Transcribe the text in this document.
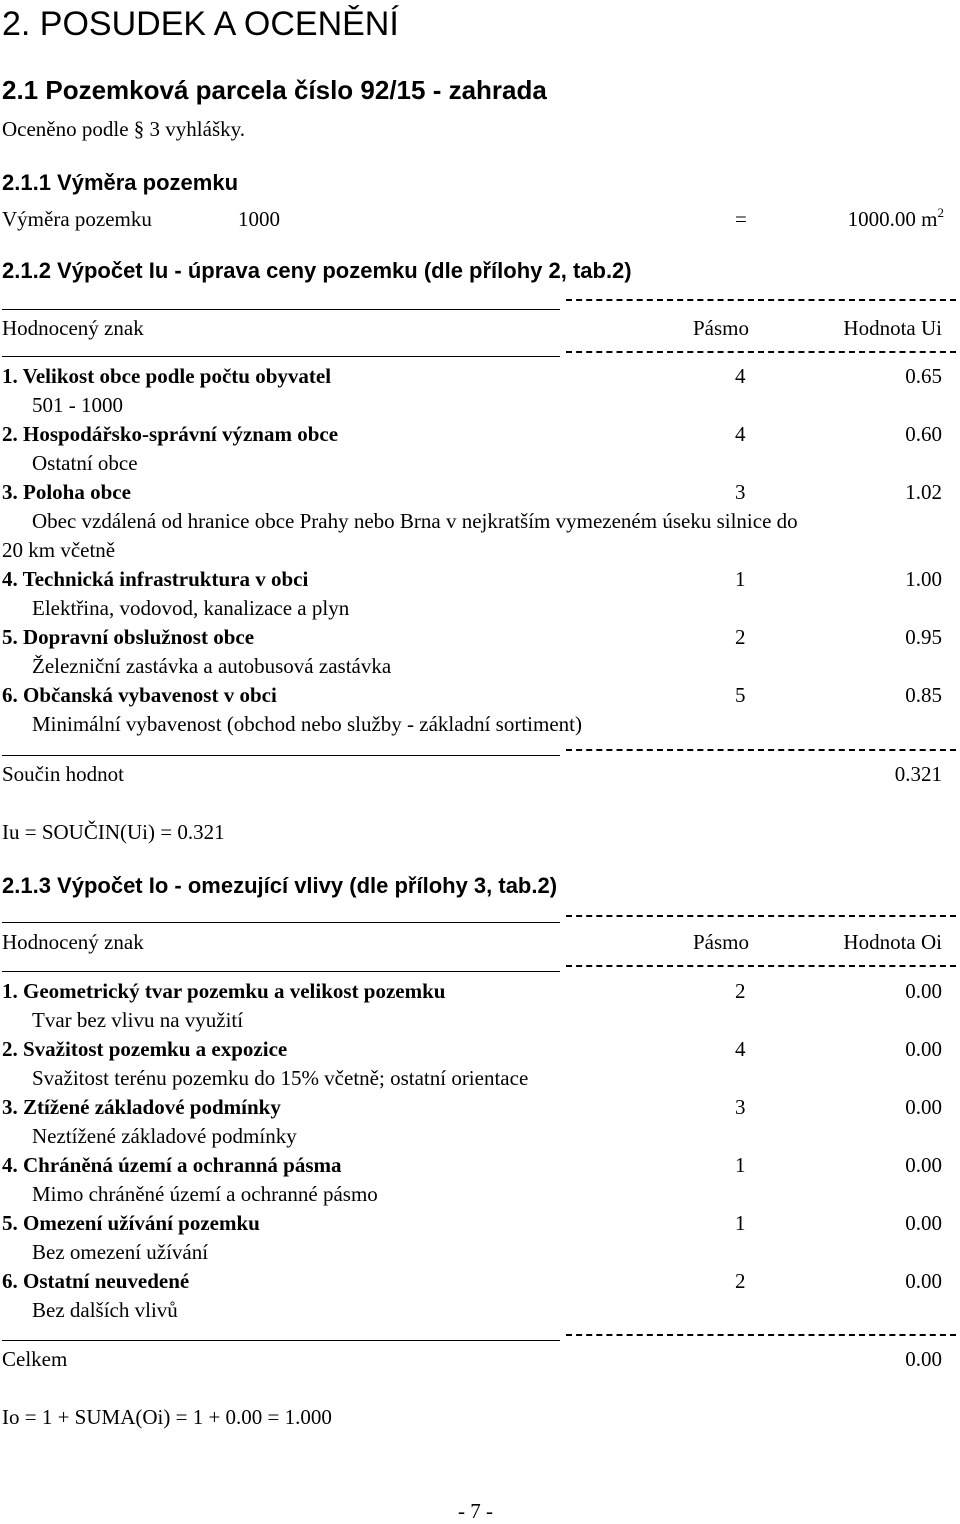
2. POSUDEK A OCENĚNÍ
2.1 Pozemková parcela číslo 92/15 - zahrada
Oceněno podle § 3 vyhlášky.
2.1.1 Výměra pozemku
Výměra pozemku	1000	=	1000.00 $m^2$
2.1.2 Výpočet Iu - úprava ceny pozemku (dle přílohy 2, tab.2)
Hodnocený znak	Pásmo	Hodnota Ui
1. Velikost obce podle počtu obyvatel	4	0.65
501 - 1000
2. Hospodářsko-správní význam obce	4	0.60
Ostatní obce
3. Poloha obce	3	1.02
Obec vzdálená od hranice obce Prahy nebo Brna v nejkratším vymezeném úseku silnice do
20 km včetně
4. Technická infrastruktura v obci	1	1.00
Elektřina, vodovod, kanalizace a plyn
5. Dopravní obslužnost obce	2	0.95
Železniční zastávka a autobusová zastávka
6. Občanská vybavenost v obci	5	0.85
Minimální vybavenost (obchod nebo služby - základní sortiment)
Součin hodnot	0.321
Iu = SOUČIN(Ui) = 0.321
2.1.3 Výpočet Io - omezující vlivy (dle přílohy 3, tab.2)
Hodnocený znak	Pásmo	Hodnota Oi
1. Geometrický tvar pozemku a velikost pozemku	2	0.00
Tvar bez vlivu na využití
2. Svažitost pozemku a expozice	4	0.00
Svažitost terénu pozemku do 15% včetně; ostatní orientace
3. Ztížené základové podmínky	3	0.00
Neztížené základové podmínky
4. Chráněná území a ochranná pásma	1	0.00
Mimo chráněné území a ochranné pásmo
5. Omezení užívání pozemku	1	0.00
Bez omezení užívání
6. Ostatní neuvedené	2	0.00
Bez dalších vlivů
Celkem	0.00
Io = 1 + SUMA(Oi) = 1 + 0.00 = 1.000
- 7 -
